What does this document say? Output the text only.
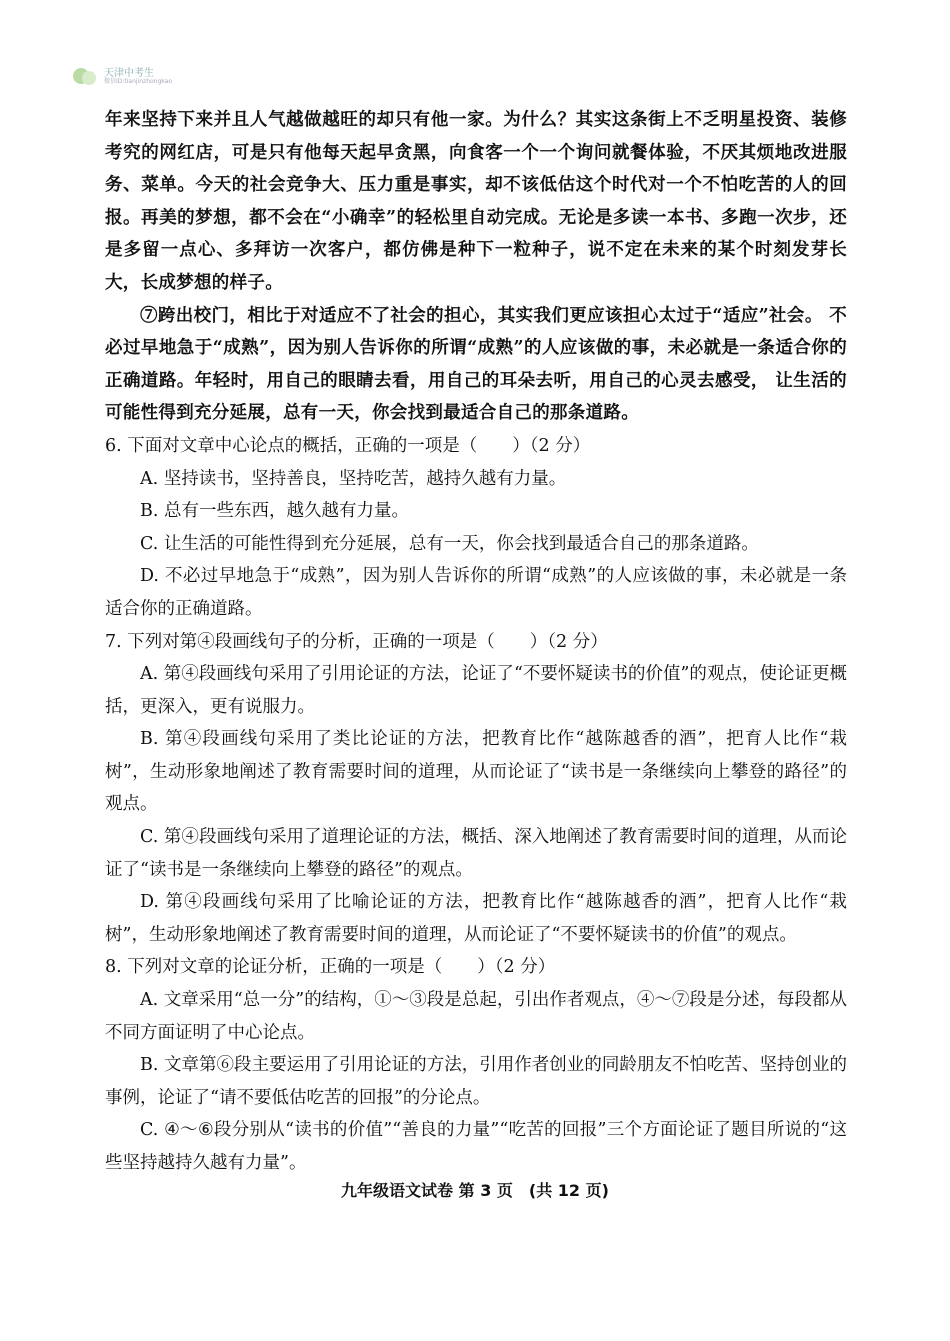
天津中考生
微信ID:tianjinzhongkao

年来坚持下来并且人气越做越旺的却只有他一家。为什么？其实这条街上不乏明星投资、装修考究的网红店，可是只有他每天起早贪黑，向食客一个一个询问就餐体验，不厌其烦地改进服务、菜单。今天的社会竞争大、压力重是事实，却不该低估这个时代对一个不怕吃苦的人的回报。再美的梦想，都不会在“小确幸”的轻松里自动完成。无论是多读一本书、多跑一次步，还是多留一点心、多拜访一次客户，都仿佛是种下一粒种子，说不定在未来的某个时刻发芽长大，长成梦想的样子。

⑦跨出校门，相比于对适应不了社会的担心，其实我们更应该担心太过于“适应”社会。 不必过早地急于“成熟”，因为别人告诉你的所谓“成熟”的人应该做的事，未必就是一条适合你的正确道路。年轻时，用自己的眼睛去看，用自己的耳朵去听，用自己的心灵去感受， 让生活的可能性得到充分延展，总有一天，你会找到最适合自己的那条道路。

6. 下面对文章中心论点的概括，正确的一项是（　　）（2 分）

A. 坚持读书，坚持善良，坚持吃苦，越持久越有力量。

B. 总有一些东西，越久越有力量。

C. 让生活的可能性得到充分延展，总有一天，你会找到最适合自己的那条道路。

D. 不必过早地急于“成熟”，因为别人告诉你的所谓“成熟”的人应该做的事，未必就是一条适合你的正确道路。

7. 下列对第④段画线句子的分析，正确的一项是（　　）（2 分）

A. 第④段画线句采用了引用论证的方法，论证了“不要怀疑读书的价值”的观点，使论证更概括，更深入，更有说服力。

B. 第④段画线句采用了类比论证的方法，把教育比作“越陈越香的酒”，把育人比作“栽树”，生动形象地阐述了教育需要时间的道理，从而论证了“读书是一条继续向上攀登的路径”的观点。

C. 第④段画线句采用了道理论证的方法，概括、深入地阐述了教育需要时间的道理，从而论证了“读书是一条继续向上攀登的路径”的观点。

D. 第④段画线句采用了比喻论证的方法，把教育比作“越陈越香的酒”，把育人比作“栽树”，生动形象地阐述了教育需要时间的道理，从而论证了“不要怀疑读书的价值”的观点。

8. 下列对文章的论证分析，正确的一项是（　　）（2 分）

A. 文章采用“总一分”的结构，①～③段是总起，引出作者观点，④～⑦段是分述，每段都从不同方面证明了中心论点。

B. 文章第⑥段主要运用了引用论证的方法，引用作者创业的同龄朋友不怕吃苦、坚持创业的事例，论证了“请不要低估吃苦的回报”的分论点。

C. ④～⑥段分别从“读书的价值”“善良的力量”“吃苦的回报”三个方面论证了题目所说的“这些坚持越持久越有力量”。

九年级语文试卷 第 3 页　(共 12 页)
